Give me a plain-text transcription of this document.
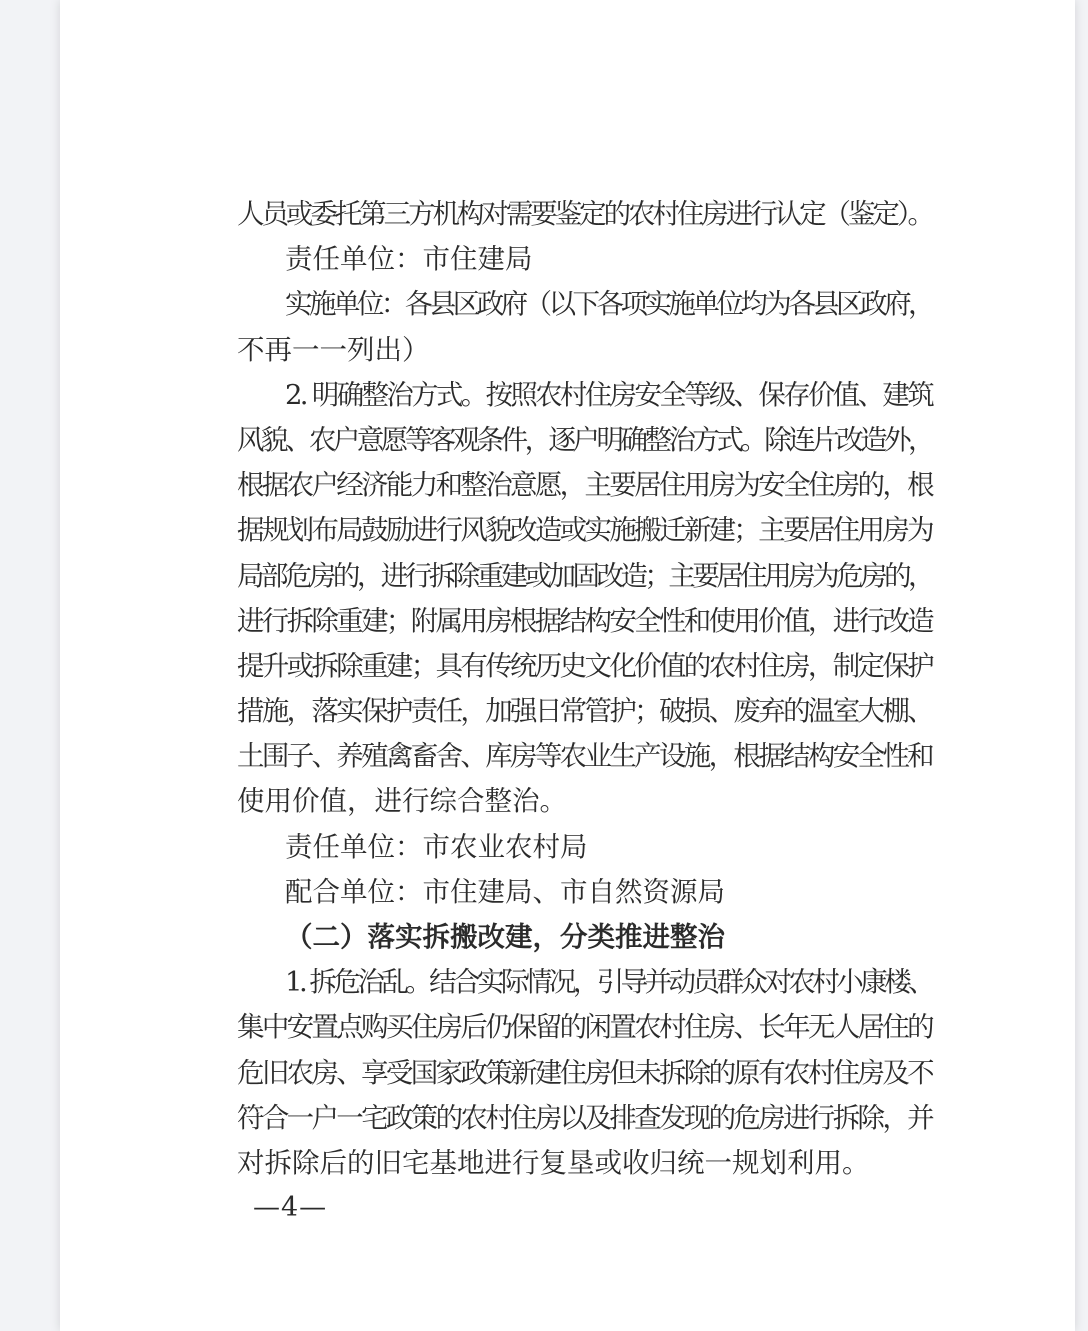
人员或委托第三方机构对需要鉴定的农村住房进行认定（鉴定）。
责任单位：市住建局
实施单位：各县区政府（以下各项实施单位均为各县区政府，
不再一一列出）
2. 明确整治方式。按照农村住房安全等级、保存价值、建筑
风貌、农户意愿等客观条件，逐户明确整治方式。除连片改造外，
根据农户经济能力和整治意愿，主要居住用房为安全住房的，根
据规划布局鼓励进行风貌改造或实施搬迁新建；主要居住用房为
局部危房的，进行拆除重建或加固改造；主要居住用房为危房的，
进行拆除重建；附属用房根据结构安全性和使用价值，进行改造
提升或拆除重建；具有传统历史文化价值的农村住房，制定保护
措施，落实保护责任，加强日常管护；破损、废弃的温室大棚、
土围子、养殖禽畜舍、库房等农业生产设施，根据结构安全性和
使用价值，进行综合整治。
责任单位：市农业农村局
配合单位：市住建局、市自然资源局
（二）落实拆搬改建，分类推进整治
1. 拆危治乱。结合实际情况，引导并动员群众对农村小康楼、
集中安置点购买住房后仍保留的闲置农村住房、长年无人居住的
危旧农房、享受国家政策新建住房但未拆除的原有农村住房及不
符合一户一宅政策的农村住房以及排查发现的危房进行拆除，并
对拆除后的旧宅基地进行复垦或收归统一规划利用。
—4—
